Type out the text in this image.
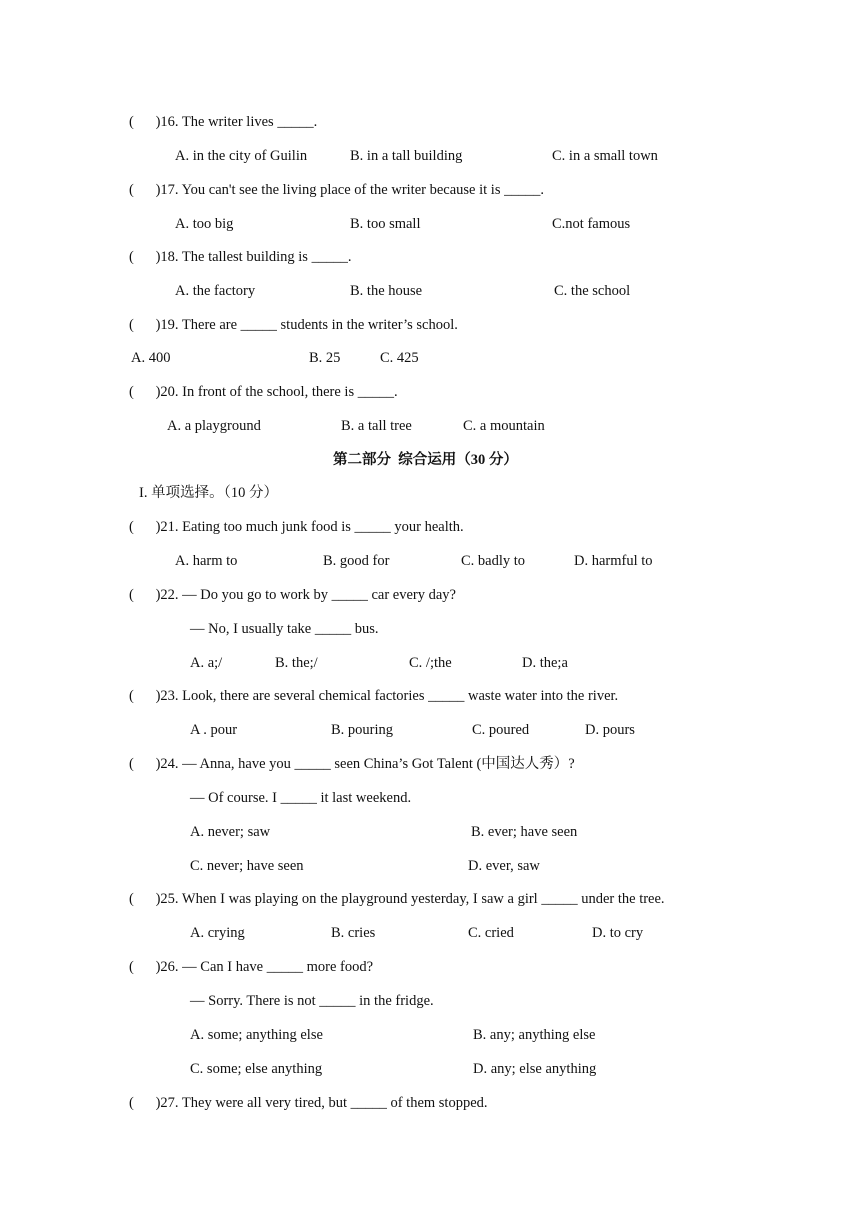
(      )16. The writer lives _____.
A. in the city of Guilin	B. in a tall building	C. in a small town
(      )17. You can't see the living place of the writer because it is _____.
A. too big	B. too small	C.not famous
(      )18. The tallest building is _____.
A. the factory	B. the house	C. the school
(      )19. There are _____ students in the writer’s school.
A. 400	B. 25	C. 425
(      )20. In front of the school, there is _____.
A. a playground	B. a tall tree	C. a mountain
第二部分  综合运用（30 分）
I. 单项选择。（10 分）
(      )21. Eating too much junk food is _____ your health.
A. harm to	B. good for	C. badly to	D. harmful to
(      )22. — Do you go to work by _____ car every day?
— No, I usually take _____ bus.
A. a;/	B. the;/	C. /;the	D. the;a
(      )23. Look, there are several chemical factories _____ waste water into the river.
A . pour	B. pouring	C. poured	D. pours
(      )24. — Anna, have you _____ seen China’s Got Talent (中国达人秀）?
— Of course. I _____ it last weekend.
A. never; saw	B. ever; have seen
C. never; have seen	D. ever, saw
(      )25. When I was playing on the playground yesterday, I saw a girl _____ under the tree.
A. crying	B. cries	C. cried	D. to cry
(      )26. — Can I have _____ more food?
— Sorry. There is not _____ in the fridge.
A. some; anything else	B. any; anything else
C. some; else anything	D. any; else anything
(      )27. They were all very tired, but _____ of them stopped.
